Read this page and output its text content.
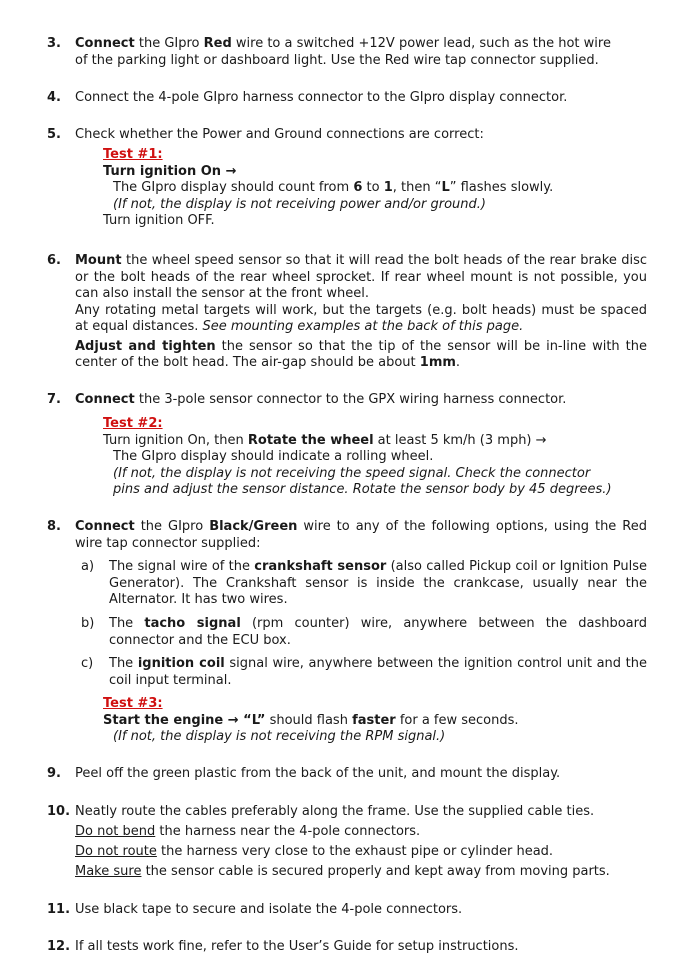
3. Connect the GIpro Red wire to a switched +12V power lead, such as the hot wire
of the parking light or dashboard light. Use the Red wire tap connector supplied.
4. Connect the 4-pole GIpro harness connector to the GIpro display connector.
5. Check whether the Power and Ground connections are correct:
Test #1:
Turn ignition On →
The GIpro display should count from 6 to 1, then “L” flashes slowly.
(If not, the display is not receiving power and/or ground.)
Turn ignition OFF.
6. Mount the wheel speed sensor so that it will read the bolt heads of the rear brake disc or the bolt heads of the rear wheel sprocket. If rear wheel mount is not possible, you can also install the sensor at the front wheel.
Any rotating metal targets will work, but the targets (e.g. bolt heads) must be spaced at equal distances. See mounting examples at the back of this page.
Adjust and tighten the sensor so that the tip of the sensor will be in-line with the center of the bolt head. The air-gap should be about 1mm.
7. Connect the 3-pole sensor connector to the GPX wiring harness connector.
Test #2:
Turn ignition On, then Rotate the wheel at least 5 km/h (3 mph) →
The GIpro display should indicate a rolling wheel.
(If not, the display is not receiving the speed signal. Check the connector
pins and adjust the sensor distance. Rotate the sensor body by 45 degrees.)
8. Connect the GIpro Black/Green wire to any of the following options, using the Red wire tap connector supplied:
a) The signal wire of the crankshaft sensor (also called Pickup coil or Ignition Pulse Generator). The Crankshaft sensor is inside the crankcase, usually near the Alternator. It has two wires.
b) The tacho signal (rpm counter) wire, anywhere between the dashboard connector and the ECU box.
c) The ignition coil signal wire, anywhere between the ignition control unit and the coil input terminal.
Test #3:
Start the engine → “L” should flash faster for a few seconds.
(If not, the display is not receiving the RPM signal.)
9. Peel off the green plastic from the back of the unit, and mount the display.
10. Neatly route the cables preferably along the frame. Use the supplied cable ties.
Do not bend the harness near the 4-pole connectors.
Do not route the harness very close to the exhaust pipe or cylinder head.
Make sure the sensor cable is secured properly and kept away from moving parts.
11. Use black tape to secure and isolate the 4-pole connectors.
12. If all tests work fine, refer to the User’s Guide for setup instructions.
